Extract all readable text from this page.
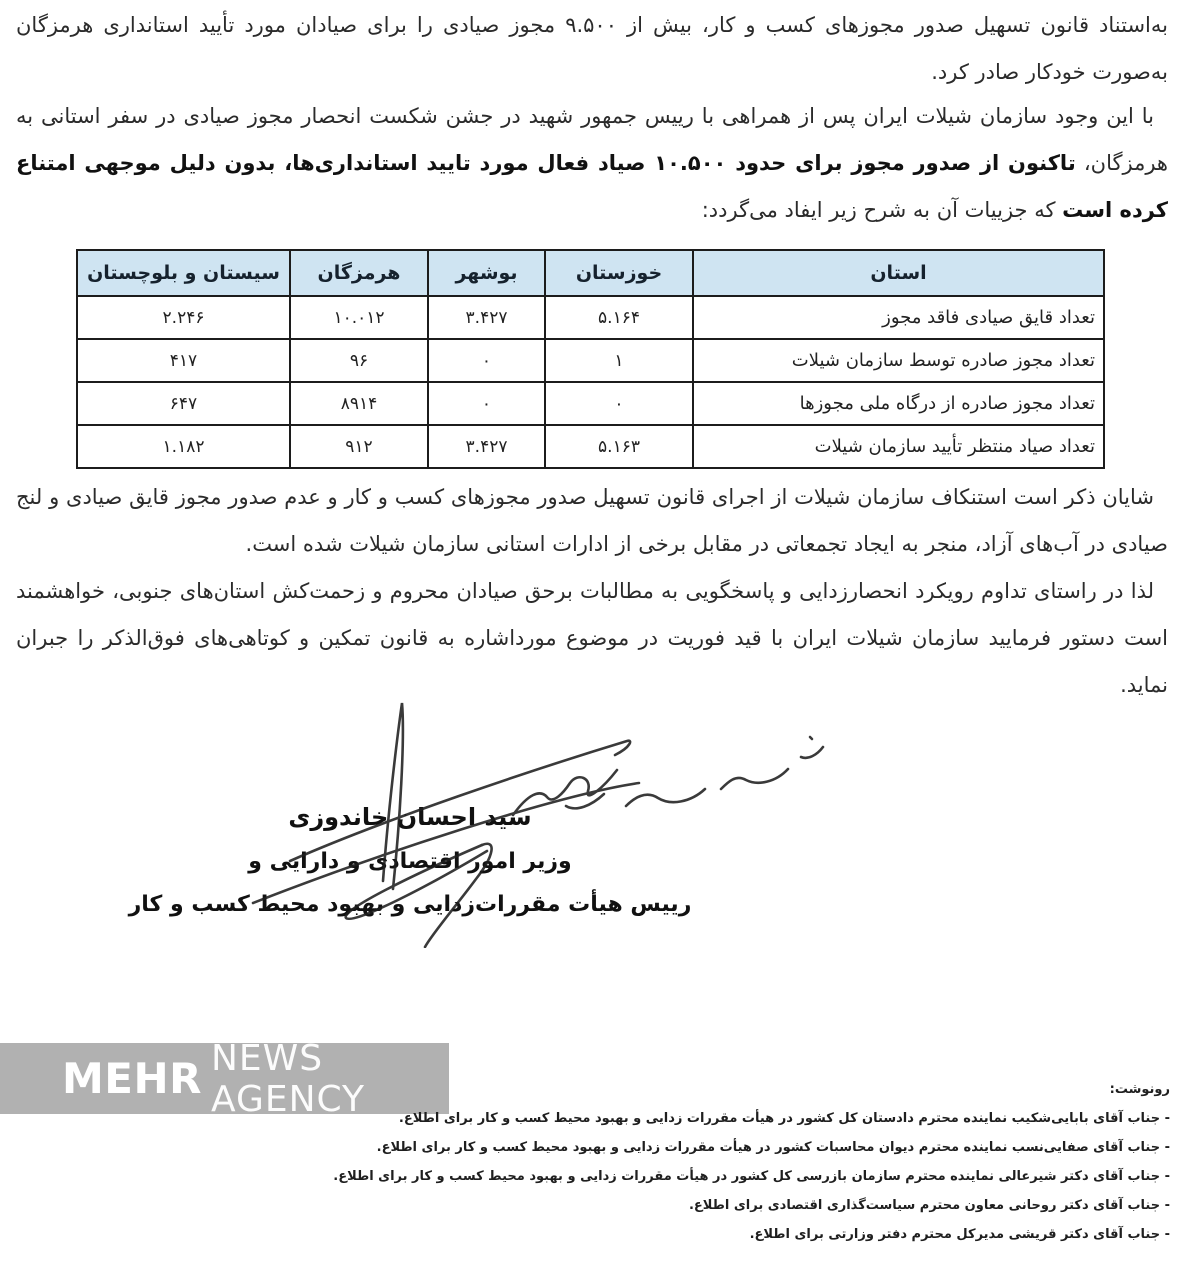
به‌استناد قانون تسهیل صدور مجوزهای کسب و کار، بیش از ۹.۵۰۰ مجوز صیادی را برای صیادان مورد تأیید استانداری هرمزگان به‌صورت خودکار صادر کرد.
با این وجود سازمان شیلات ایران پس از همراهی با رییس جمهور شهید در جشن شکست انحصار مجوز صیادی در سفر استانی به هرمزگان، تاکنون از صدور مجوز برای حدود ۱۰.۵۰۰ صیاد فعال مورد تایید استانداری‌ها، بدون دلیل موجهی امتناع کرده است که جزییات آن به شرح زیر ایفاد می‌گردد:
استان	خوزستان	بوشهر	هرمزگان	سیستان و بلوچستان
تعداد قایق صیادی فاقد مجوز	۵.۱۶۴	۳.۴۲۷	۱۰.۰۱۲	۲.۲۴۶
تعداد مجوز صادره توسط سازمان شیلات	۱	۰	۹۶	۴۱۷
تعداد مجوز صادره از درگاه ملی مجوزها	۰	۰	۸۹۱۴	۶۴۷
تعداد صیاد منتظر تأیید سازمان شیلات	۵.۱۶۳	۳.۴۲۷	۹۱۲	۱.۱۸۲
شایان ذکر است استنکاف سازمان شیلات از اجرای قانون تسهیل صدور مجوزهای کسب و کار و عدم صدور مجوز قایق صیادی و لنج صیادی در آب‌های آزاد، منجر به ایجاد تجمعاتی در مقابل برخی از ادارات استانی سازمان شیلات شده است.
لذا در راستای تداوم رویکرد انحصارزدایی و پاسخگویی به مطالبات برحق صیادان محروم و زحمت‌کش استان‌های جنوبی، خواهشمند است دستور فرمایید سازمان شیلات ایران با قید فوریت در موضوع مورداشاره به قانون تمکین و کوتاهی‌های فوق‌الذکر را جبران نماید.
سید احسان خاندوزی
وزیر امور اقتصادی و دارایی و
رییس هیأت مقررات‌زدایی و بهبود محیط کسب و کار
MEHR NEWS AGENCY	رونوشت:
- جناب آقای بابایی‌شکیب نماینده محترم دادستان کل کشور در هیأت مقررات زدایی و بهبود محیط کسب و کار برای اطلاع.
- جناب آقای صفایی‌نسب نماینده محترم دیوان محاسبات کشور در هیأت مقررات زدایی و بهبود محیط کسب و کار برای اطلاع.
- جناب آقای دکتر شیرعالی نماینده محترم سازمان بازرسی کل کشور در هیأت مقررات زدایی و بهبود محیط کسب و کار برای اطلاع.
- جناب آقای دکتر روحانی معاون محترم سیاست‌گذاری اقتصادی برای اطلاع.
- جناب آقای دکتر قریشی مدیرکل محترم دفتر وزارتی برای اطلاع.
